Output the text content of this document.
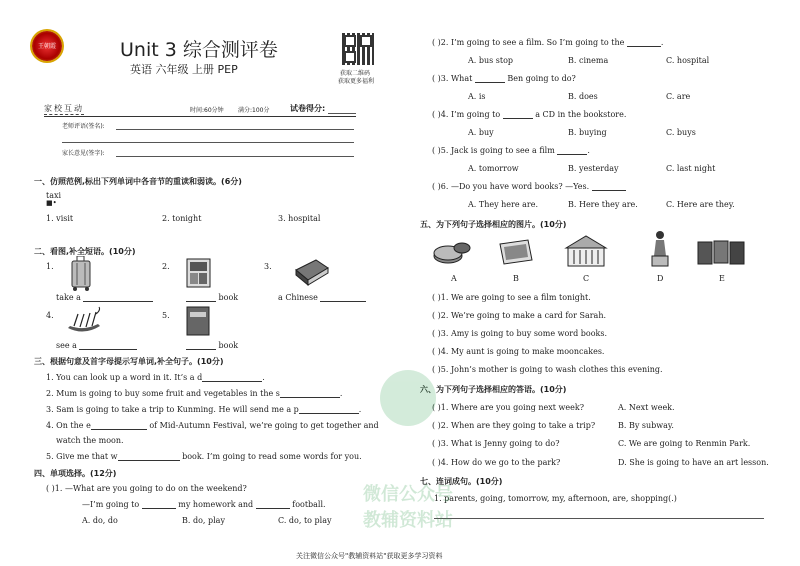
王朝霞	Unit 3 综合测评卷
英语 六年级 上册 PEP	获取二维码
获取更多福利
家校互动	时间:60分钟 满分:100分	试卷得分:
老师评语(签名):
家长意见(签字):
一、仿照范例,标出下列单词中各音节的重读和弱读。(6分)
taxi
■•
1. visit	2. tonight	3. hospital
二、看图,补全短语。(10分)
1.	2.	3.
4.	5.
take a	book	a Chinese
see a	book
三、根据句意及首字母提示写单词,补全句子。(10分)
1. You can look up a word in it. It’s a d	.
2. Mum is going to buy some fruit and vegetables in the s	.
3. Sam is going to take a trip to Kunming. He will send me a p	.
4. On the e	of Mid-Autumn Festival, we’re going to get together and
watch the moon.
5. Give me that w	book. I’m going to read some words for you.
四、单项选择。(12分)
( )1. —What are you going to do on the weekend?
—I’m going to	my homework and	football.
A. do, do	B. do, play	C. do, to play
( )2. I’m going to see a film. So I’m going to the	.
A. bus stop	B. cinema	C. hospital
( )3. What	Ben going to do?
A. is	B. does	C. are
( )4. I’m going to	a CD in the bookstore.
A. buy	B. buying	C. buys
( )5. Jack is going to see a film	.
A. tomorrow	B. yesterday	C. last night
( )6. —Do you have word books? —Yes.
A. They here are.	B. Here they are.	C. Here are they.
五、为下列句子选择相应的图片。(10分)
A	B	C	D	E
( )1. We are going to see a film tonight.
( )2. We’re going to make a card for Sarah.
( )3. Amy is going to buy some word books.
( )4. My aunt is going to make mooncakes.
( )5. John’s mother is going to wash clothes this evening.
六、为下列句子选择相应的答语。(10分)
( )1. Where are you going next week?	A. Next week.
( )2. When are they going to take a trip?	B. By subway.
( )3. What is Jenny going to do?	C. We are going to Renmin Park.
( )4. How do we go to the park?	D. She is going to have an art lesson.
七、连词成句。(10分)
1. parents, going, tomorrow, my, afternoon, are, shopping(.)
微信公众号
教辅资料站
关注微信公众号"教辅资料站"获取更多学习资料
